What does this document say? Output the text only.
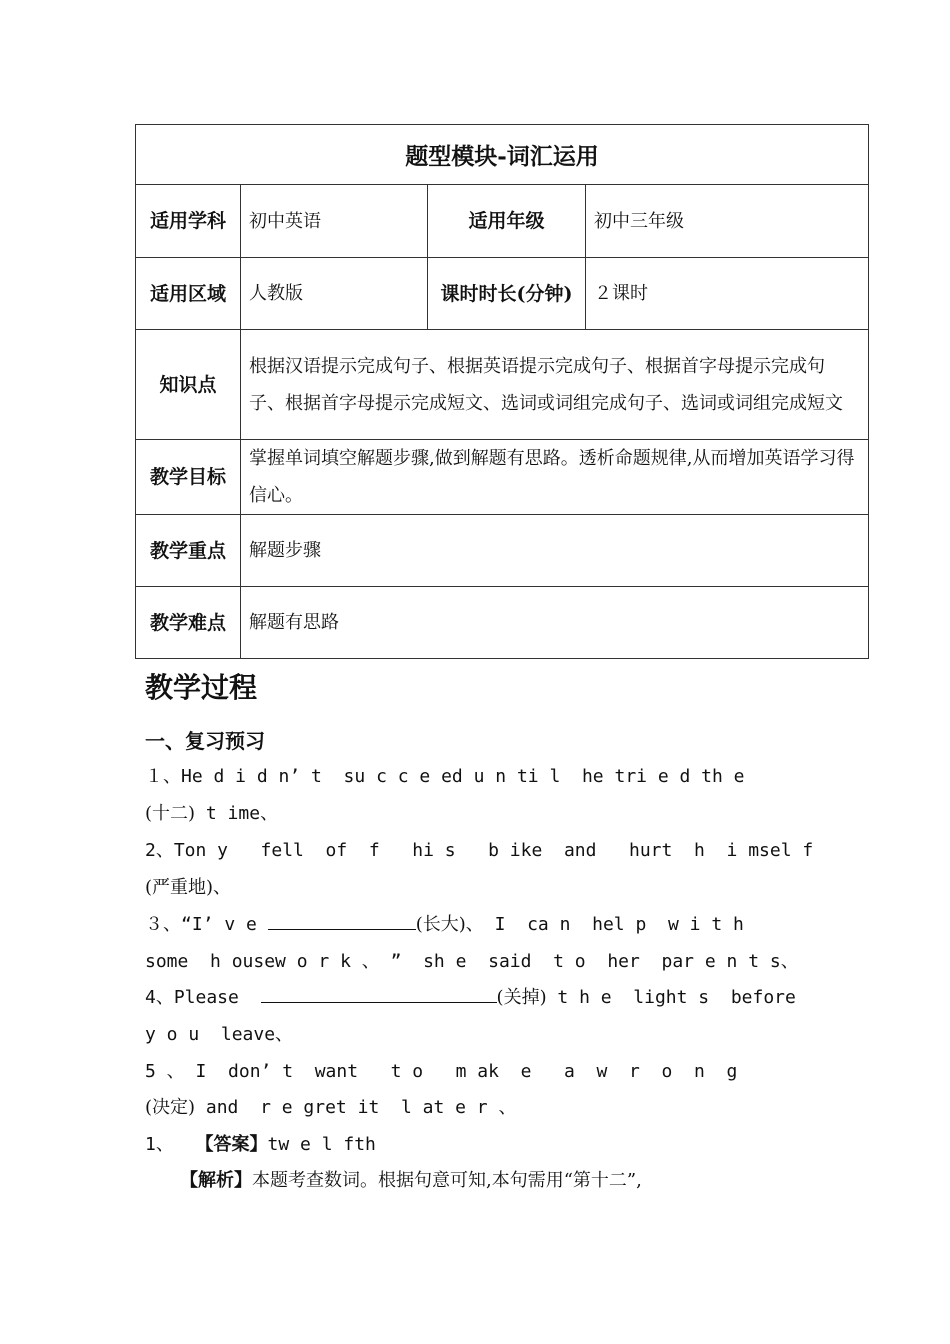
题型模块-词汇运用			
适用学科	初中英语	适用年级	初中三年级
适用区域	人教版	课时时长(分钟)	２课时
知识点	根据汉语提示完成句子、根据英语提示完成句子、根据首字母提示完成句子、根据首字母提示完成短文、选词或词组完成句子、选词或词组完成短文		
教学目标	掌握单词填空解题步骤,做到解题有思路。透析命题规律,从而增加英语学习得信心。		
教学重点	解题步骤		
教学难点	解题有思路		
教学过程
一、复习预习
１、He d i d n’ t  su c c e ed u n ti l  he tri e d th e
(十二) t ime、
2、Ton y   fell  of  f   hi s   b ike  and   hurt  h  i msel f
(严重地)、
３、“I’ v e	(长大)、 I  ca n  hel p  w i t h
some  h ousew o r k 、 ”  sh e  said  t o  her  par e n t s、
4、Please	(关掉) t h e  light s  before
y o u  leave、
5 、 I  don’ t  want   t o   m ak  e   a  w  r  o  n  g
(决定) and  r e gret it  l at e r 、
1、  【答案】tw e l fth
【解析】本题考查数词。根据句意可知,本句需用“第十二”,
